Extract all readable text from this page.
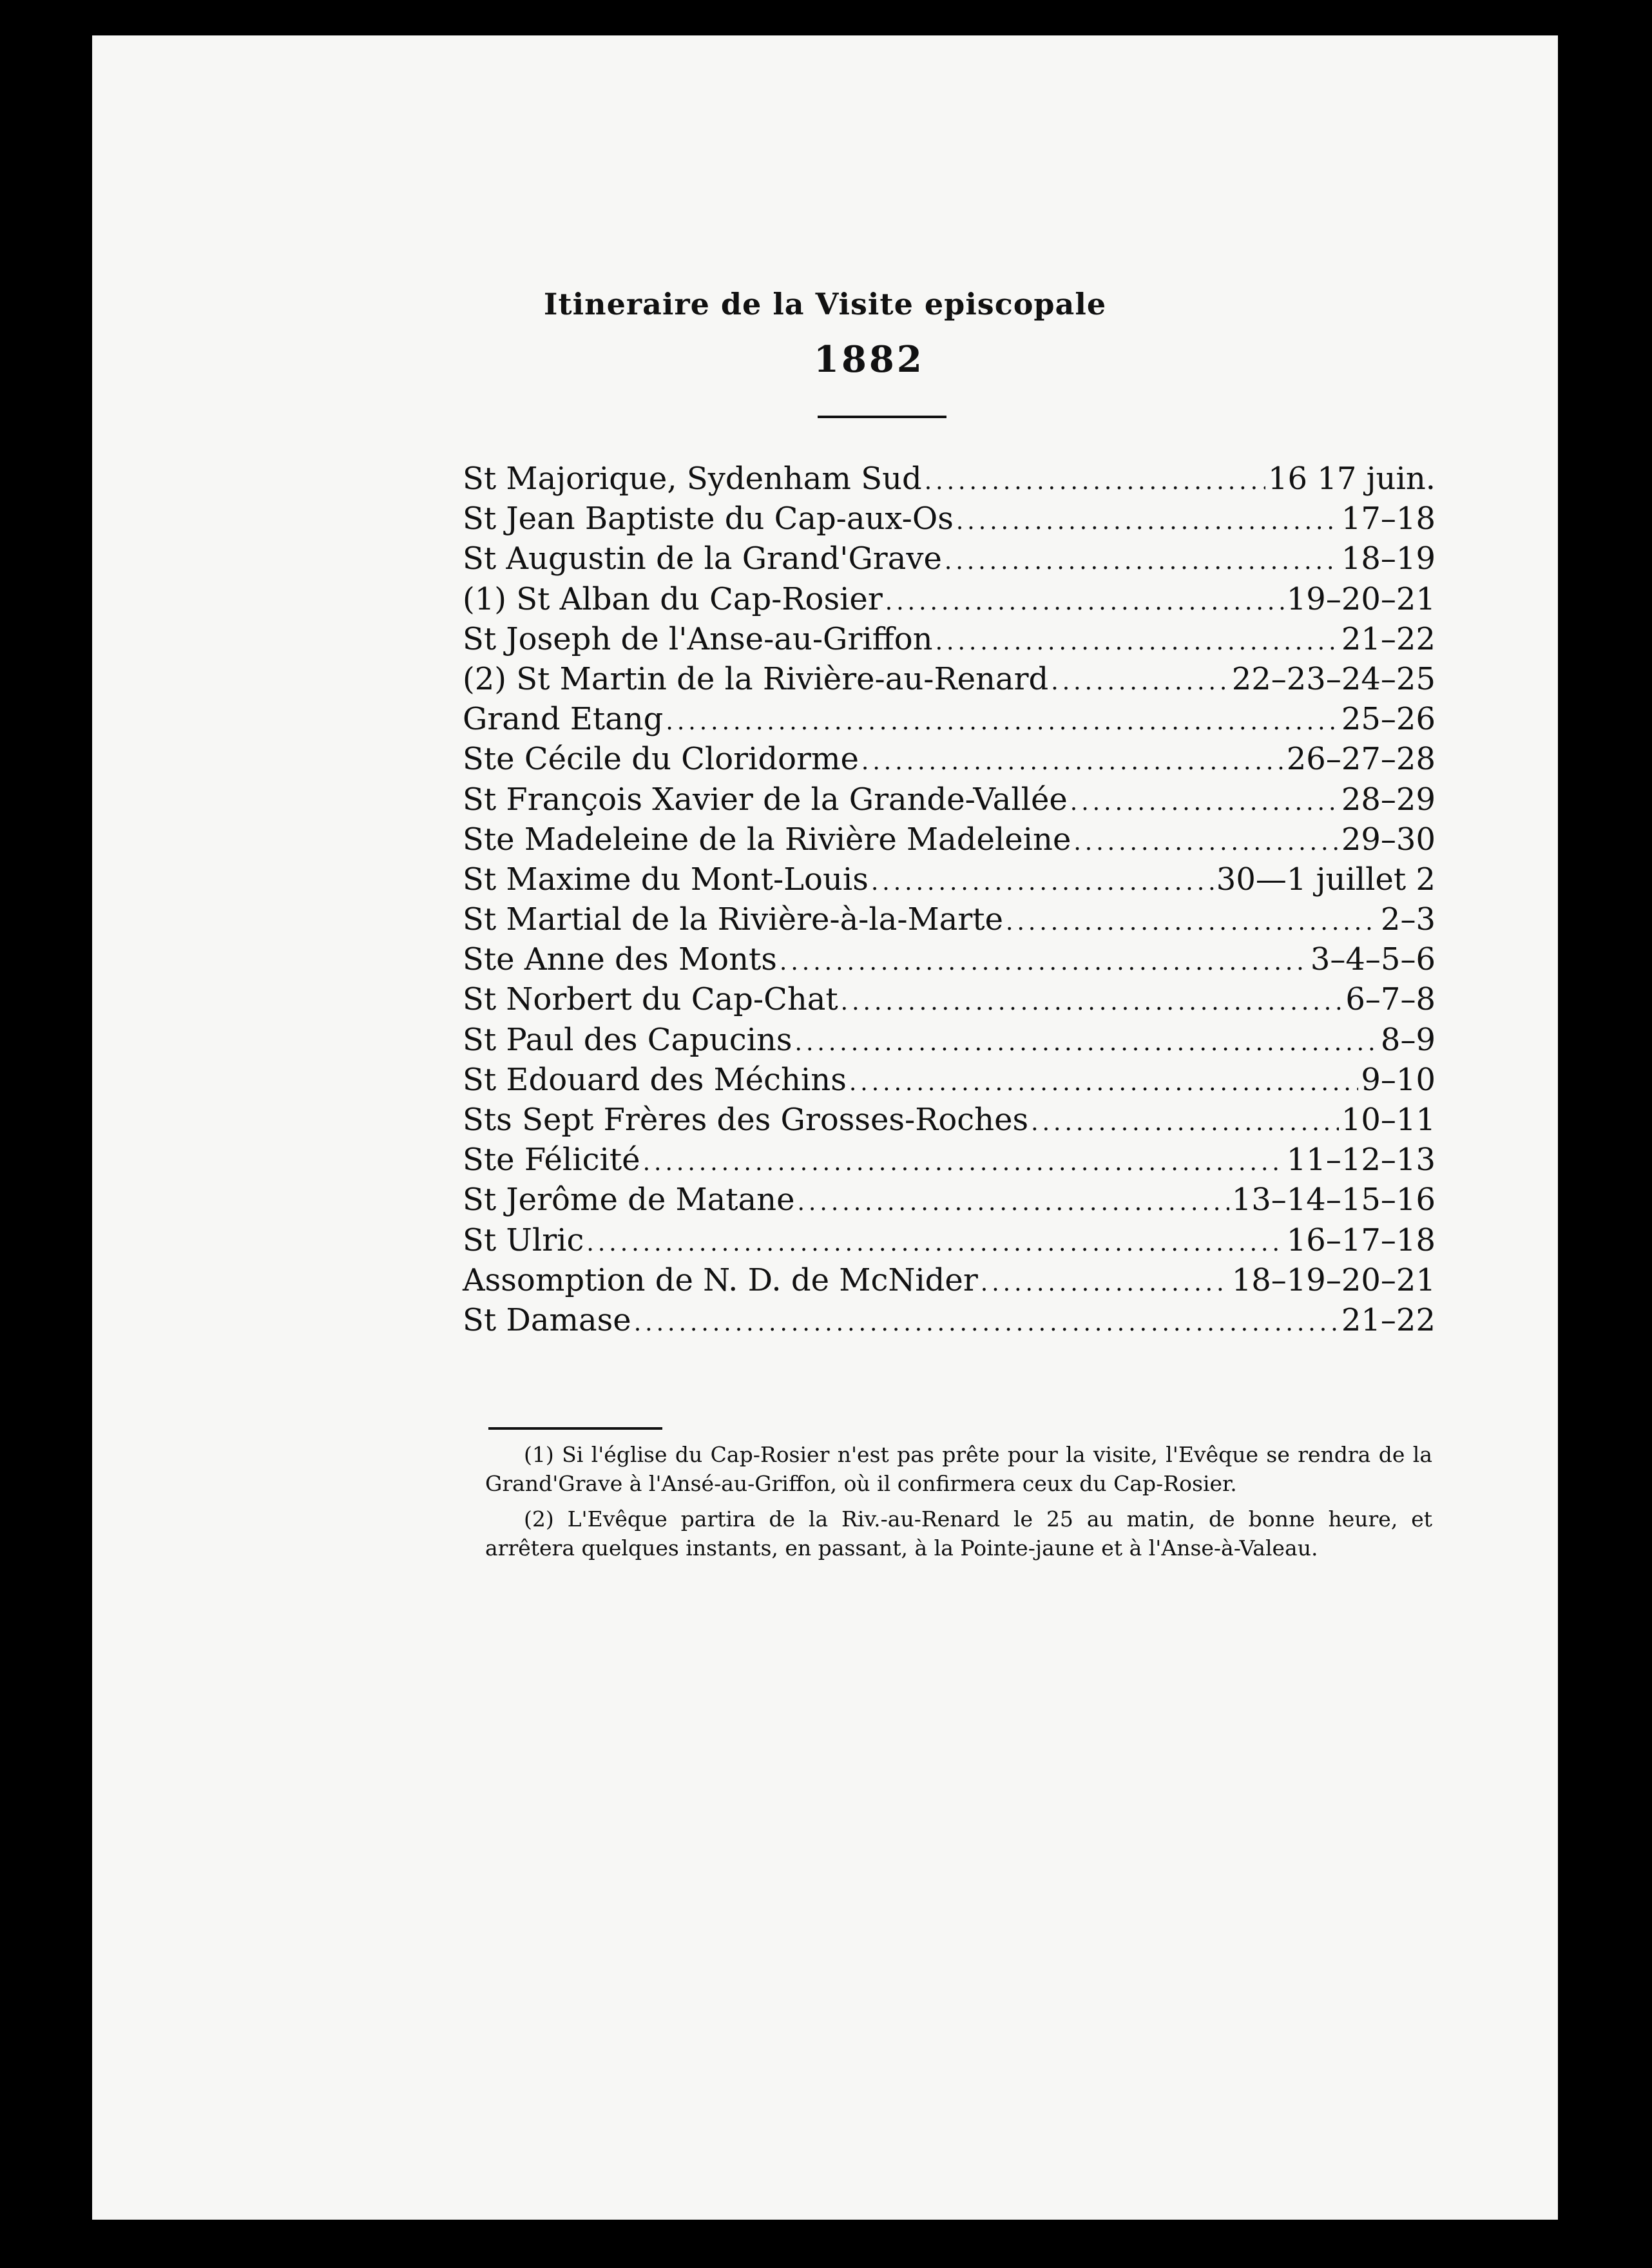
Itineraire de la Visite episcopale
1882
St Majorique, Sydenham Sud .....	16 17 juin.
St Jean Baptiste du Cap-aux-Os .....	17–18
St Augustin de la Grand'Grave .....	18–19
(1) St Alban du Cap-Rosier .....	19–20–21
St Joseph de l'Anse-au-Griffon .....	21–22
(2) St Martin de la Rivière-au-Renard .....	22–23–24–25
Grand Etang .....	25–26
Ste Cécile du Cloridorme .....	26–27–28
St François Xavier de la Grande-Vallée .....	28–29
Ste Madeleine de la Rivière Madeleine .....	29–30
St Maxime du Mont-Louis .....	30—1 juillet 2
St Martial de la Rivière-à-la-Marte .....	2–3
Ste Anne des Monts .....	3–4–5–6
St Norbert du Cap-Chat .....	6–7–8
St Paul des Capucins .....	8–9
St Edouard des Méchins .....	9–10
Sts Sept Frères des Grosses-Roches .....	10–11
Ste Félicité .....	11–12–13
St Jerôme de Matane .....	13–14–15–16
St Ulric .....	16–17–18
Assomption de N. D. de McNider .....	18–19–20–21
St Damase .....	21–22

(1) Si l'église du Cap-Rosier n'est pas prête pour la visite, l'Evêque se rendra de la Grand'Grave à l'Ansé-au-Griffon, où il confirmera ceux du Cap-Rosier.

(2) L'Evêque partira de la Riv.-au-Renard le 25 au matin, de bonne heure, et arrêtera quelques instants, en passant, à la Pointe-jaune et à l'Anse-à-Valeau.
